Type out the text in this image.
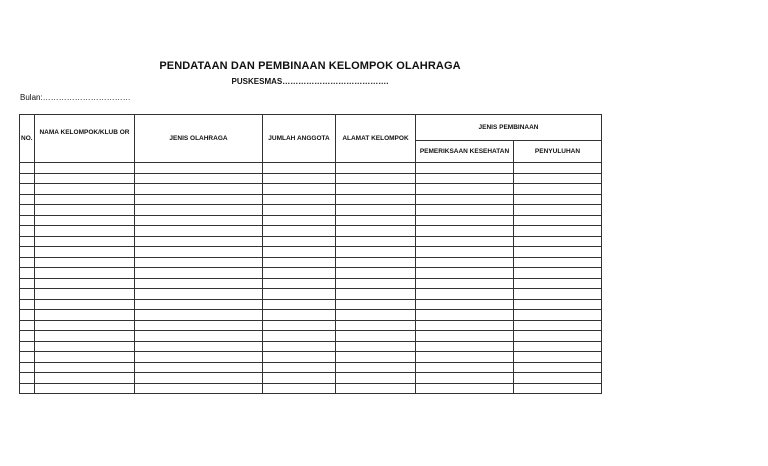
PENDATAAN DAN PEMBINAAN KELOMPOK OLAHRAGA
PUSKESMAS………………………………….
Bulan:……………………………
NO.	NAMA KELOMPOK/KLUB OR	JENIS OLAHRAGA	JUMLAH ANGGOTA	ALAMAT KELOMPOK	JENIS PEMBINAAN	
					PEMERIKSAAN KESEHATAN	PENYULUHAN
